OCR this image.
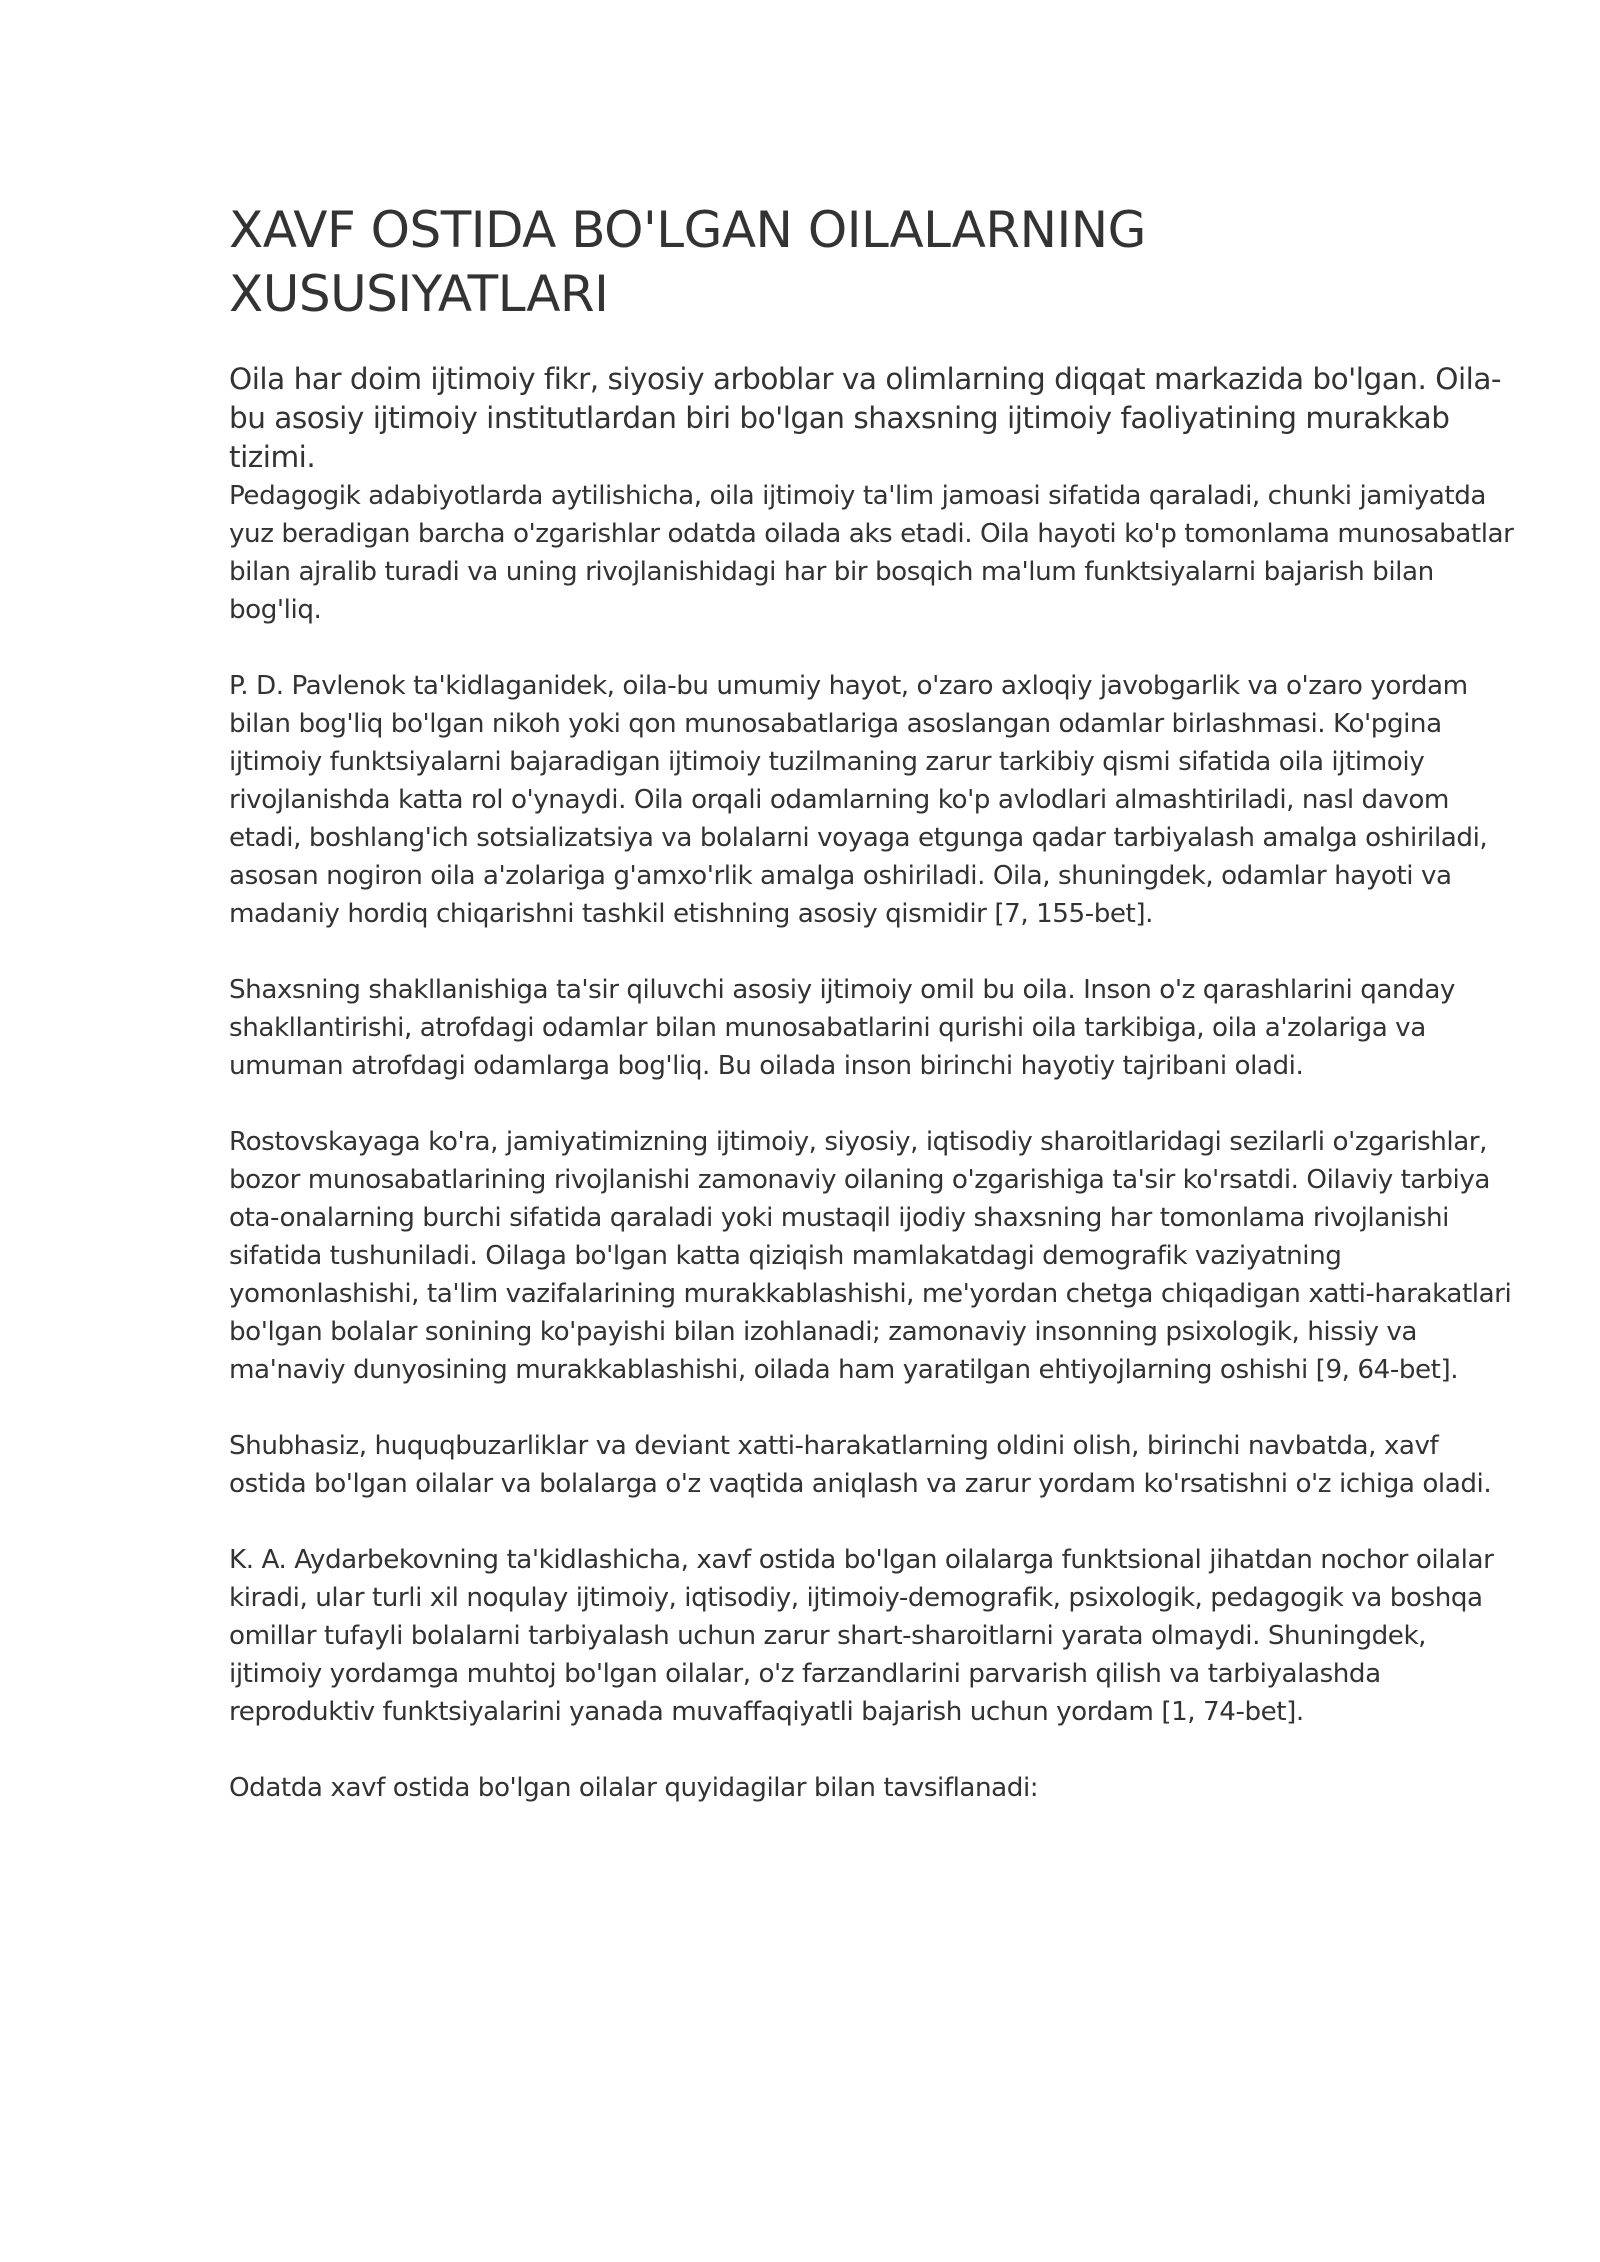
XAVF OSTIDA BO'LGAN OILALARNING XUSUSIYATLARI

Oila har doim ijtimoiy fikr, siyosiy arboblar va olimlarning diqqat markazida bo'lgan. Oila-bu asosiy ijtimoiy institutlardan biri bo'lgan shaxsning ijtimoiy faoliyatining murakkab tizimi.

Pedagogik adabiyotlarda aytilishicha, oila ijtimoiy ta'lim jamoasi sifatida qaraladi, chunki jamiyatda yuz beradigan barcha o'zgarishlar odatda oilada aks etadi. Oila hayoti ko'p tomonlama munosabatlar bilan ajralib turadi va uning rivojlanishidagi har bir bosqich ma'lum funktsiyalarni bajarish bilan bog'liq.

P. D. Pavlenok ta'kidlaganidek, oila-bu umumiy hayot, o'zaro axloqiy javobgarlik va o'zaro yordam bilan bog'liq bo'lgan nikoh yoki qon munosabatlariga asoslangan odamlar birlashmasi. Ko'pgina ijtimoiy funktsiyalarni bajaradigan ijtimoiy tuzilmaning zarur tarkibiy qismi sifatida oila ijtimoiy rivojlanishda katta rol o'ynaydi. Oila orqali odamlarning ko'p avlodlari almashtiriladi, nasl davom etadi, boshlang'ich sotsializatsiya va bolalarni voyaga etgunga qadar tarbiyalash amalga oshiriladi, asosan nogiron oila a'zolariga g'amxo'rlik amalga oshiriladi. Oila, shuningdek, odamlar hayoti va madaniy hordiq chiqarishni tashkil etishning asosiy qismidir [7, 155-bet].

Shaxsning shakllanishiga ta'sir qiluvchi asosiy ijtimoiy omil bu oila. Inson o'z qarashlarini qanday shakllantirishi, atrofdagi odamlar bilan munosabatlarini qurishi oila tarkibiga, oila a'zolariga va umuman atrofdagi odamlarga bog'liq. Bu oilada inson birinchi hayotiy tajribani oladi.

Rostovskayaga ko'ra, jamiyatimizning ijtimoiy, siyosiy, iqtisodiy sharoitlaridagi sezilarli o'zgarishlar, bozor munosabatlarining rivojlanishi zamonaviy oilaning o'zgarishiga ta'sir ko'rsatdi. Oilaviy tarbiya ota-onalarning burchi sifatida qaraladi yoki mustaqil ijodiy shaxsning har tomonlama rivojlanishi sifatida tushuniladi. Oilaga bo'lgan katta qiziqish mamlakatdagi demografik vaziyatning yomonlashishi, ta'lim vazifalarining murakkablashishi, me'yordan chetga chiqadigan xatti-harakatlari bo'lgan bolalar sonining ko'payishi bilan izohlanadi; zamonaviy insonning psixologik, hissiy va ma'naviy dunyosining murakkablashishi, oilada ham yaratilgan ehtiyojlarning oshishi [9, 64-bet].

Shubhasiz, huquqbuzarliklar va deviant xatti-harakatlarning oldini olish, birinchi navbatda, xavf ostida bo'lgan oilalar va bolalarga o'z vaqtida aniqlash va zarur yordam ko'rsatishni o'z ichiga oladi.

K. A. Aydarbekovning ta'kidlashicha, xavf ostida bo'lgan oilalarga funktsional jihatdan nochor oilalar kiradi, ular turli xil noqulay ijtimoiy, iqtisodiy, ijtimoiy-demografik, psixologik, pedagogik va boshqa omillar tufayli bolalarni tarbiyalash uchun zarur shart-sharoitlarni yarata olmaydi. Shuningdek, ijtimoiy yordamga muhtoj bo'lgan oilalar, o'z farzandlarini parvarish qilish va tarbiyalashda reproduktiv funktsiyalarini yanada muvaffaqiyatli bajarish uchun yordam [1, 74-bet].

Odatda xavf ostida bo'lgan oilalar quyidagilar bilan tavsiflanadi:
